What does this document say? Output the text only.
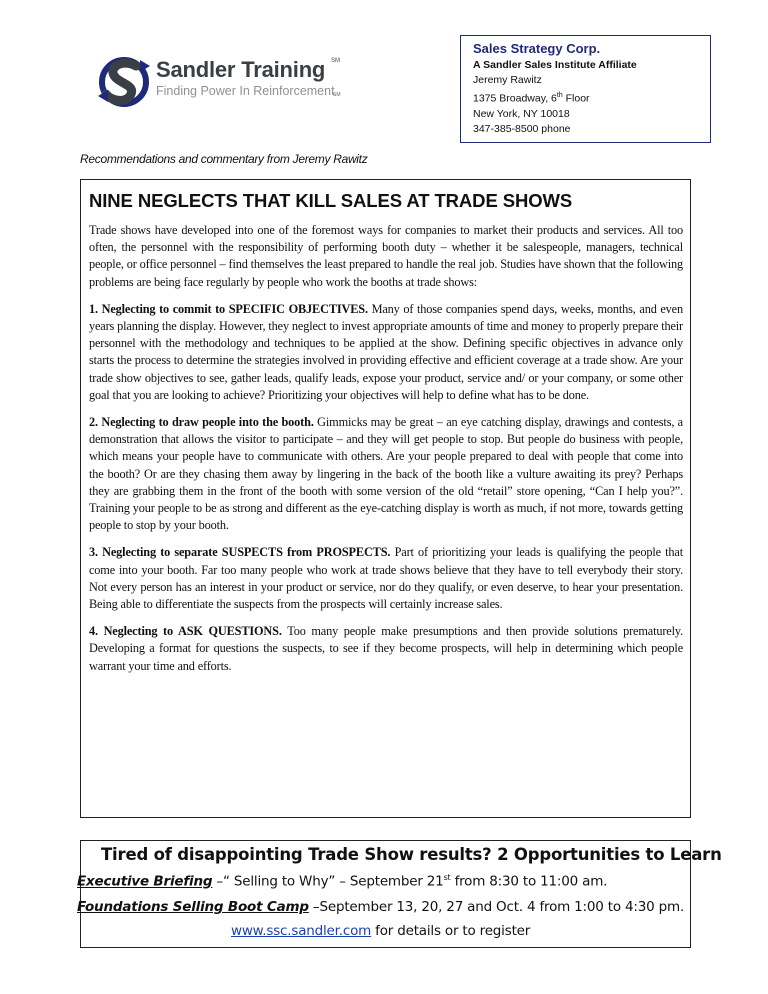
Sandler Training SM
Finding Power In Reinforcement
SM
Sales Strategy Corp.
A Sandler Sales Institute Affiliate
Jeremy Rawitz
1375 Broadway, 6th Floor
New York, NY 10018
347-385-8500 phone
Recommendations and commentary from Jeremy Rawitz
NINE NEGLECTS THAT KILL SALES AT TRADE SHOWS

Trade shows have developed into one of the foremost ways for companies to market their products and services. All too often, the personnel with the responsibility of performing booth duty – whether it be salespeople, managers, technical people, or office personnel – find themselves the least prepared to handle the real job. Studies have shown that the following problems are being face regularly by people who work the booths at trade shows:

1. Neglecting to commit to SPECIFIC OBJECTIVES. Many of those companies spend days, weeks, months, and even years planning the display. However, they neglect to invest appropriate amounts of time and money to properly prepare their personnel with the methodology and techniques to be applied at the show. Defining specific objectives in advance only starts the process to determine the strategies involved in providing effective and efficient coverage at a trade show. Are your trade show objectives to see, gather leads, qualify leads, expose your product, service and/ or your company, or some other goal that you are looking to achieve? Prioritizing your objectives will help to define what has to be done.

2. Neglecting to draw people into the booth. Gimmicks may be great – an eye catching display, drawings and contests, a demonstration that allows the visitor to participate – and they will get people to stop. But people do business with people, which means your people have to communicate with others. Are your people prepared to deal with people that come into the booth? Or are they chasing them away by lingering in the back of the booth like a vulture awaiting its prey? Perhaps they are grabbing them in the front of the booth with some version of the old “retail” store opening, “Can I help you?”. Training your people to be as strong and different as the eye-catching display is worth as much, if not more, towards getting people to stop by your booth.

3. Neglecting to separate SUSPECTS from PROSPECTS. Part of prioritizing your leads is qualifying the people that come into your booth. Far too many people who work at trade shows believe that they have to tell everybody their story. Not every person has an interest in your product or service, nor do they qualify, or even deserve, to hear your presentation. Being able to differentiate the suspects from the prospects will certainly increase sales.

4. Neglecting to ASK QUESTIONS. Too many people make presumptions and then provide solutions prematurely. Developing a format for questions the suspects, to see if they become prospects, will help in determining which people warrant your time and efforts.

Tired of disappointing Trade Show results? 2 Opportunities to Learn
Executive Briefing –“ Selling to Why” – September 21st from 8:30 to 11:00 am.
Foundations Selling Boot Camp –September 13, 20, 27 and Oct. 4 from 1:00 to 4:30 pm.
www.ssc.sandler.com for details or to register
